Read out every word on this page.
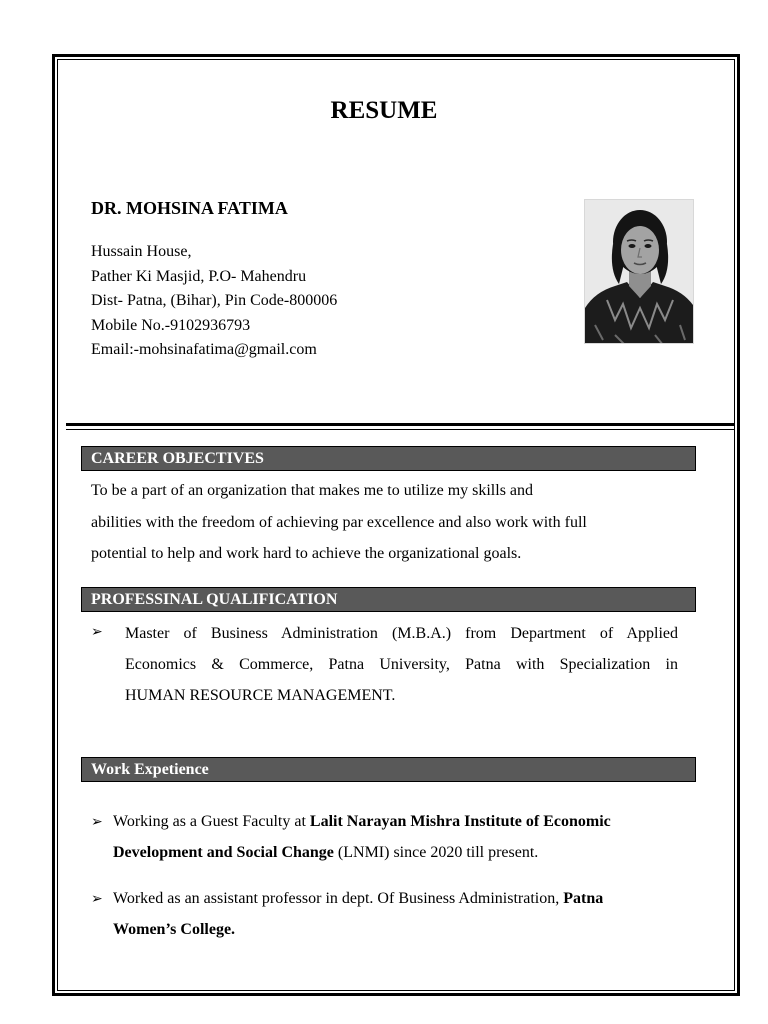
RESUME
DR. MOHSINA FATIMA
Hussain House,
Pather Ki Masjid, P.O- Mahendru
Dist- Patna, (Bihar), Pin Code-800006
Mobile No.-9102936793
Email:-mohsinafatima@gmail.com
CAREER OBJECTIVES
To be a part of an organization that makes me to utilize my skills and
abilities with the freedom of achieving par excellence and also work with full
potential to help and work hard to achieve the organizational goals.
PROFESSINAL QUALIFICATION
➢ Master of Business Administration (M.B.A.) from Department of Applied
Economics & Commerce, Patna University, Patna with Specialization in
HUMAN RESOURCE MANAGEMENT.
Work Expetience
➢ Working as a Guest Faculty at Lalit Narayan Mishra Institute of Economic
Development and Social Change (LNMI) since 2020 till present.
➢ Worked as an assistant professor in dept. Of Business Administration, Patna
Women’s College.
